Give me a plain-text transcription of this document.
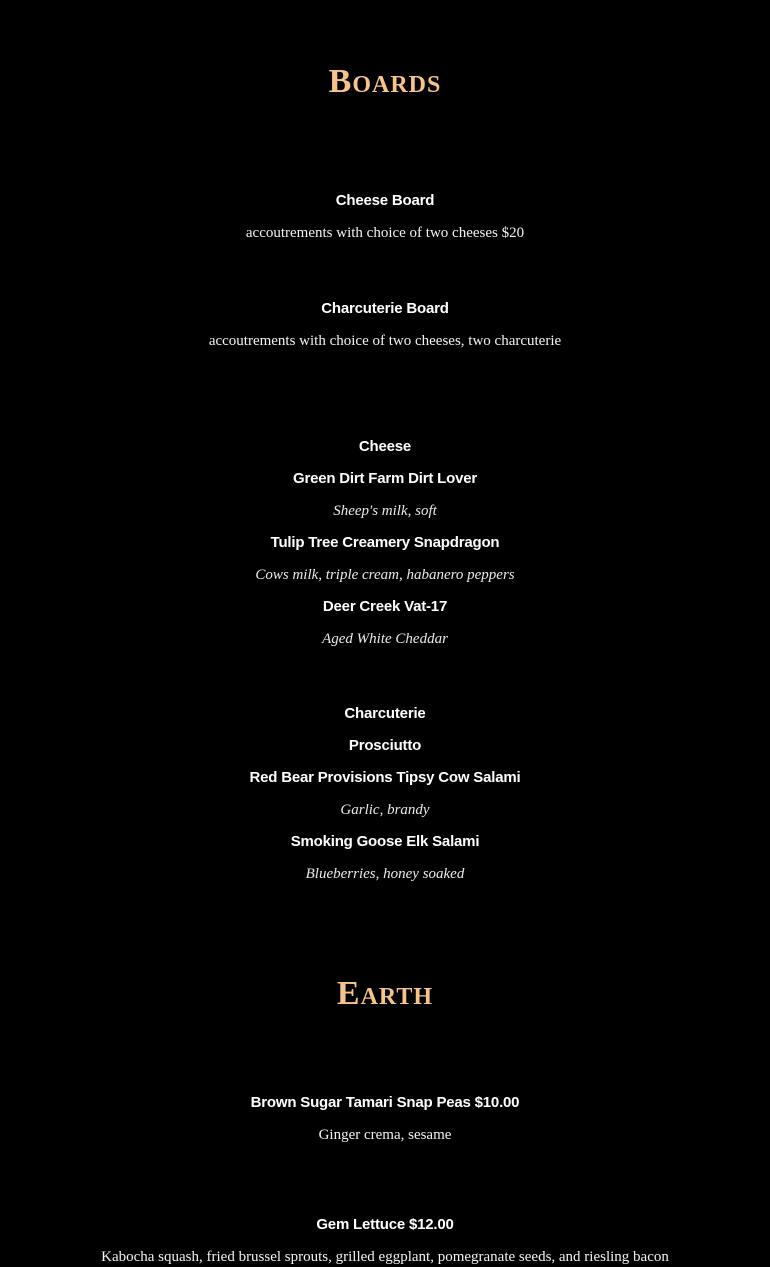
Boards
Cheese Board
accoutrements with choice of two cheeses $20
Charcuterie Board
accoutrements with choice of two cheeses, two charcuterie
Cheese
Green Dirt Farm Dirt Lover
Sheep's milk, soft
Tulip Tree Creamery Snapdragon
Cows milk, triple cream, habanero peppers
Deer Creek Vat-17
Aged White Cheddar
Charcuterie
Prosciutto
Red Bear Provisions Tipsy Cow Salami
Garlic, brandy
Smoking Goose Elk Salami
Blueberries, honey soaked
Earth
Brown Sugar Tamari Snap Peas $10.00
Ginger crema, sesame
Gem Lettuce $12.00
Kabocha squash, fried brussel sprouts, grilled eggplant, pomegranate seeds, and riesling bacon
